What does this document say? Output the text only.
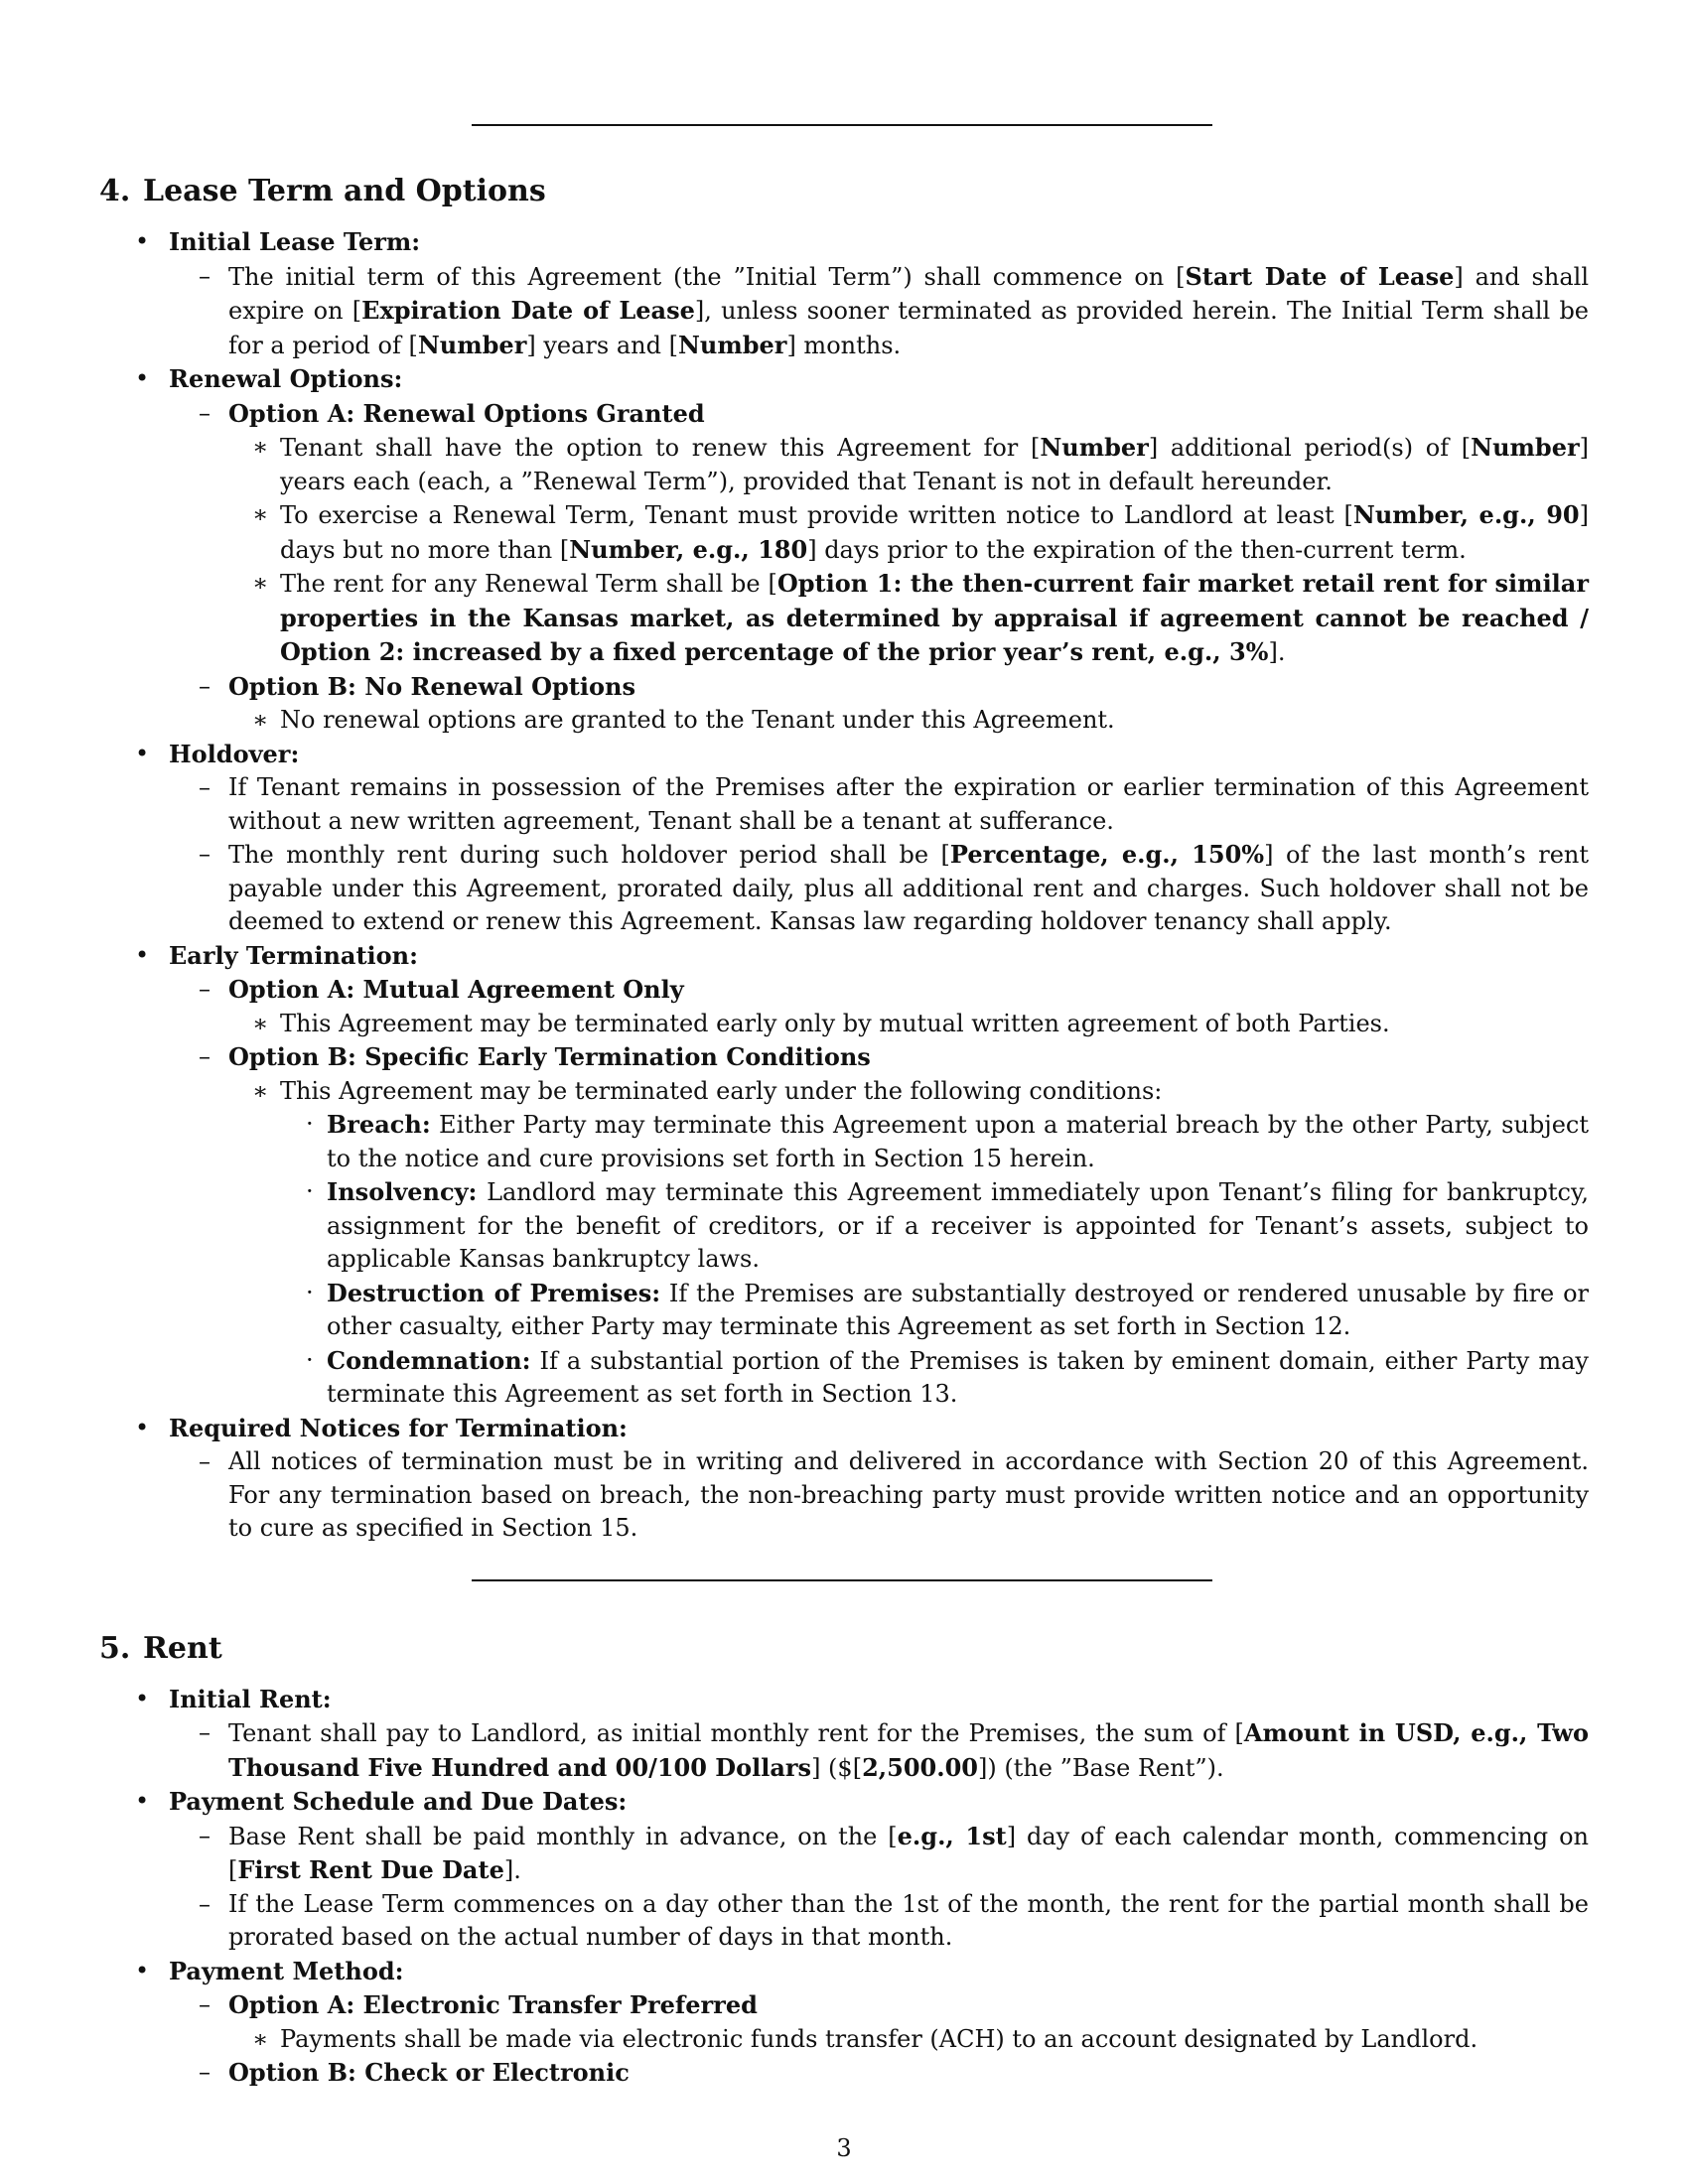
4. Lease Term and Options
• Initial Lease Term:
– The initial term of this Agreement (the ”Initial Term”) shall commence on [Start Date of Lease] and shall expire on [Expiration Date of Lease], unless sooner terminated as provided herein. The Initial Term shall be for a period of [Number] years and [Number] months.
• Renewal Options:
– Option A: Renewal Options Granted
∗ Tenant shall have the option to renew this Agreement for [Number] additional period(s) of [Number] years each (each, a ”Renewal Term”), provided that Tenant is not in default hereunder.
∗ To exercise a Renewal Term, Tenant must provide written notice to Landlord at least [Number, e.g., 90] days but no more than [Number, e.g., 180] days prior to the expiration of the then-current term.
∗ The rent for any Renewal Term shall be [Option 1: the then-current fair market retail rent for similar properties in the Kansas market, as determined by appraisal if agreement cannot be reached / Option 2: increased by a fixed percentage of the prior year’s rent, e.g., 3%].
– Option B: No Renewal Options
∗ No renewal options are granted to the Tenant under this Agreement.
• Holdover:
– If Tenant remains in possession of the Premises after the expiration or earlier termination of this Agreement without a new written agreement, Tenant shall be a tenant at sufferance.
– The monthly rent during such holdover period shall be [Percentage, e.g., 150%] of the last month’s rent payable under this Agreement, prorated daily, plus all additional rent and charges. Such holdover shall not be deemed to extend or renew this Agreement. Kansas law regarding holdover tenancy shall apply.
• Early Termination:
– Option A: Mutual Agreement Only
∗ This Agreement may be terminated early only by mutual written agreement of both Parties.
– Option B: Specific Early Termination Conditions
∗ This Agreement may be terminated early under the following conditions:
· Breach: Either Party may terminate this Agreement upon a material breach by the other Party, subject to the notice and cure provisions set forth in Section 15 herein.
· Insolvency: Landlord may terminate this Agreement immediately upon Tenant’s filing for bankruptcy, assignment for the benefit of creditors, or if a receiver is appointed for Tenant’s assets, subject to applicable Kansas bankruptcy laws.
· Destruction of Premises: If the Premises are substantially destroyed or rendered unusable by fire or other casualty, either Party may terminate this Agreement as set forth in Section 12.
· Condemnation: If a substantial portion of the Premises is taken by eminent domain, either Party may terminate this Agreement as set forth in Section 13.
• Required Notices for Termination:
– All notices of termination must be in writing and delivered in accordance with Section 20 of this Agreement. For any termination based on breach, the non-breaching party must provide written notice and an opportunity to cure as specified in Section 15.
5. Rent
• Initial Rent:
– Tenant shall pay to Landlord, as initial monthly rent for the Premises, the sum of [Amount in USD, e.g., Two Thousand Five Hundred and 00/100 Dollars] ($[2,500.00]) (the ”Base Rent”).
• Payment Schedule and Due Dates:
– Base Rent shall be paid monthly in advance, on the [e.g., 1st] day of each calendar month, commencing on [First Rent Due Date].
– If the Lease Term commences on a day other than the 1st of the month, the rent for the partial month shall be prorated based on the actual number of days in that month.
• Payment Method:
– Option A: Electronic Transfer Preferred
∗ Payments shall be made via electronic funds transfer (ACH) to an account designated by Landlord.
– Option B: Check or Electronic
3
